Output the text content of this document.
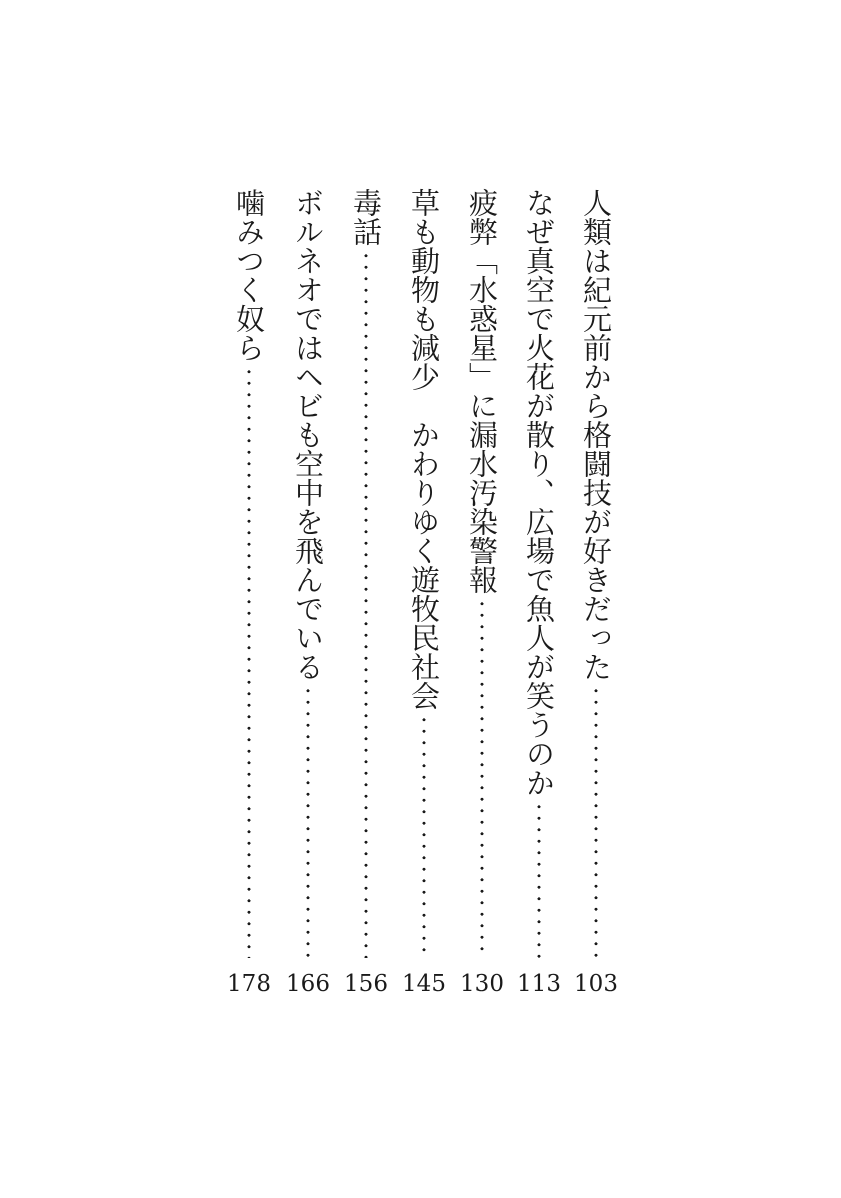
人類は紀元前から格闘技が好きだった
103
なぜ真空で火花が散り、広場で魚人が笑うのか
113
疲弊「水惑星」に漏水汚染警報
130
草も動物も減少　かわりゆく遊牧民社会
145
毒話
156
ボルネオではヘビも空中を飛んでいる
166
噛みつく奴ら
178
